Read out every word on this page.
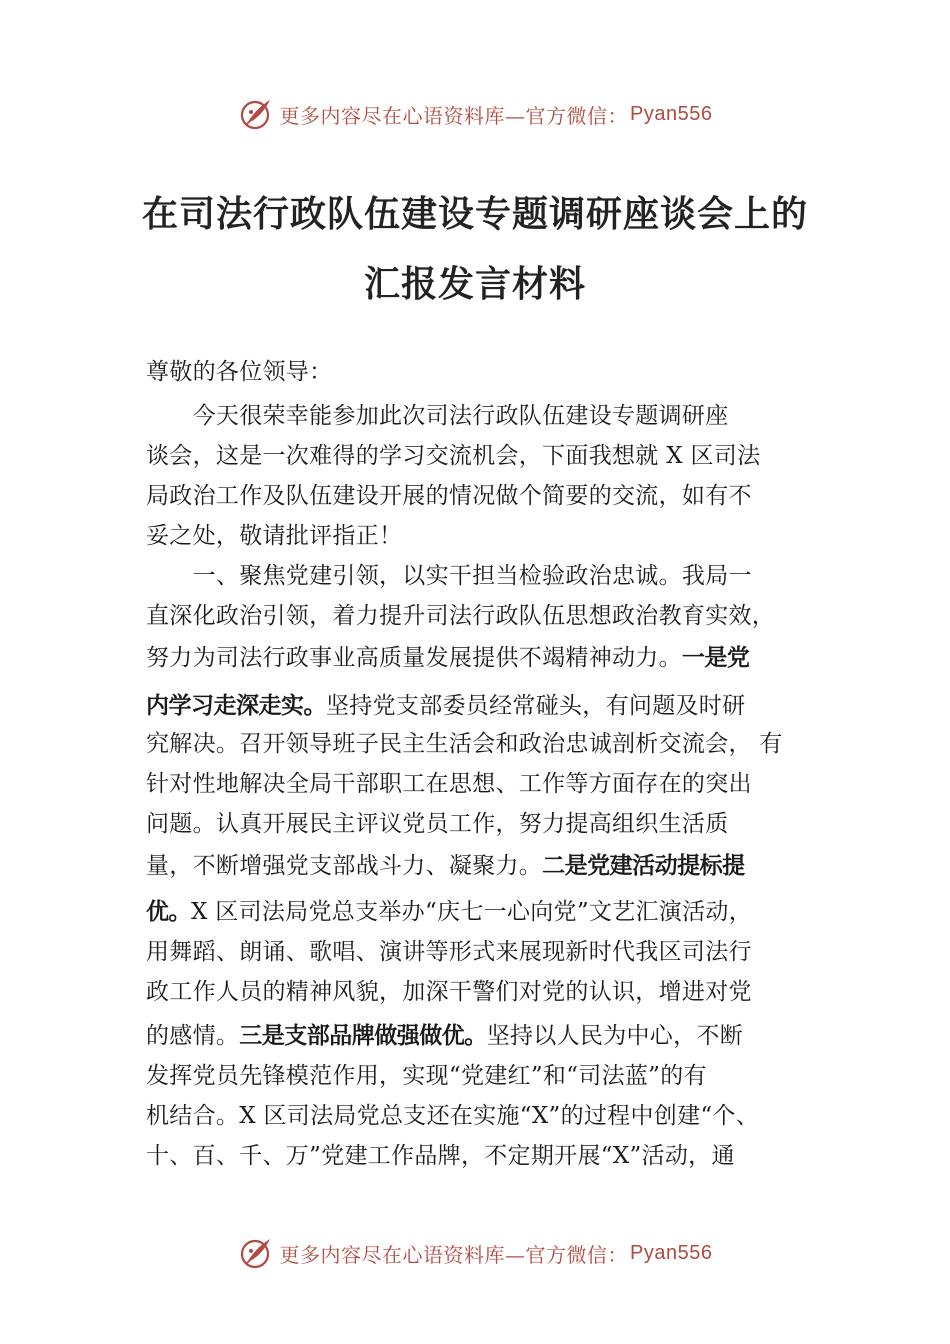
更多内容尽在心语资料库—官方微信： Pyan556
在司法行政队伍建设专题调研座谈会上的
汇报发言材料
尊敬的各位领导：
　　今天很荣幸能参加此次司法行政队伍建设专题调研座
谈会，这是一次难得的学习交流机会，下面我想就 X 区司法
局政治工作及队伍建设开展的情况做个简要的交流，如有不
妥之处，敬请批评指正！
　　一、聚焦党建引领，以实干担当检验政治忠诚。我局一
直深化政治引领，着力提升司法行政队伍思想政治教育实效，
努力为司法行政事业高质量发展提供不竭精神动力。一是党
内学习走深走实。坚持党支部委员经常碰头，有问题及时研
究解决。召开领导班子民主生活会和政治忠诚剖析交流会， 有
针对性地解决全局干部职工在思想、工作等方面存在的突出
问题。认真开展民主评议党员工作，努力提高组织生活质
量，不断增强党支部战斗力、凝聚力。二是党建活动提标提
优。X 区司法局党总支举办“庆七一心向党”文艺汇演活动，
用舞蹈、朗诵、歌唱、演讲等形式来展现新时代我区司法行
政工作人员的精神风貌，加深干警们对党的认识，增进对党
的感情。三是支部品牌做强做优。坚持以人民为中心，不断
发挥党员先锋模范作用，实现“党建红”和“司法蓝”的有
机结合。X 区司法局党总支还在实施“X”的过程中创建“个、
十、百、千、万”党建工作品牌，不定期开展“X”活动，通
更多内容尽在心语资料库—官方微信： Pyan556
